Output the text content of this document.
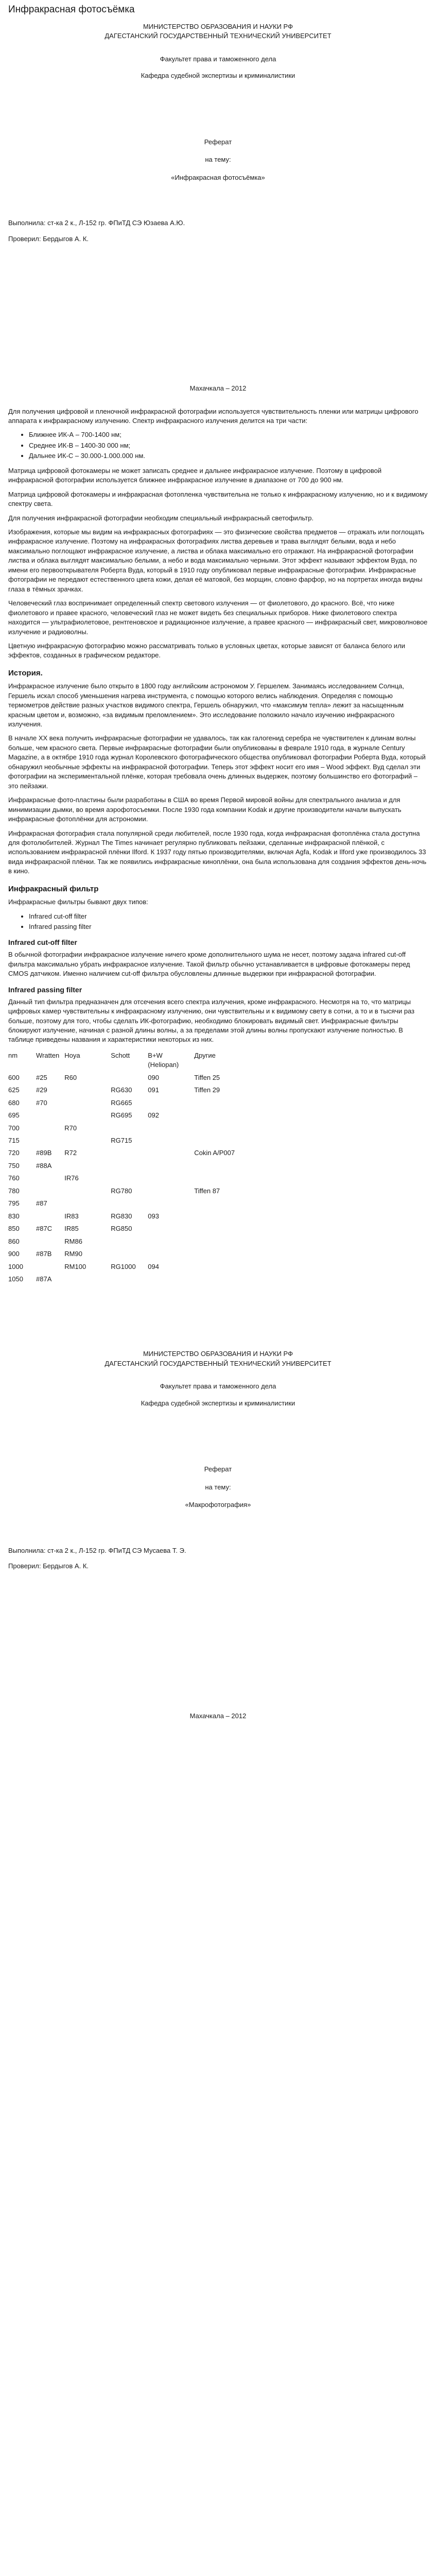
Инфракрасная фотосъёмка

МИНИСТЕРСТВО ОБРАЗОВАНИЯ И НАУКИ РФ

ДАГЕСТАНСКИЙ ГОСУДАРСТВЕННЫЙ ТЕХНИЧЕСКИЙ УНИВЕРСИТЕТ

Факультет права и таможенного дела

Кафедра судебной экспертизы и криминалистики

Реферат

на тему:

«Инфракрасная фотосъёмка»

Выполнила: ст-ка 2 к., Л-152 гр. ФПиТД СЭ Юзаева А.Ю.

Проверил: Бердыгов А. К.

Махачкала – 2012

Для получения цифровой и пленочной инфракрасной фотографии используется чувствительность пленки или матрицы цифрового аппарата к инфракрасному излучению. Спектр инфракрасного излучения делится на три части:

• Ближнее ИК-А – 700-1400 нм;
• Среднее ИК-В – 1400-30 000 нм;
• Дальнее ИК-С – 30.000-1.000.000 нм.

Матрица цифровой фотокамеры не может записать среднее и дальнее инфракрасное излучение. Поэтому в цифровой инфракрасной фотографии используется ближнее инфракрасное излучение в диапазоне от 700 до 900 нм.

Матрица цифровой фотокамеры и инфракрасная фотопленка чувствительна не только к инфракрасному излучению, но и к видимому спектру света.

Для получения инфракрасной фотографии необходим специальный инфракрасный светофильтр.

Изображения, которые мы видим на инфракрасных фотографиях — это физические свойства предметов — отражать или поглощать инфракрасное излучение. Поэтому на инфракрасных фотографиях листва деревьев и трава выглядят белыми, вода и небо максимально поглощают инфракрасное излучение, а листва и облака максимально его отражают. На инфракрасной фотографии листва и облака выглядят максимально белыми, а небо и вода максимально черными. Этот эффект называют эффектом Вуда, по имени его первооткрывателя Роберта Вуда, который в 1910 году опубликовал первые инфракрасные фотографии. Инфракрасные фотографии не передают естественного цвета кожи, делая её матовой, без морщин, словно фарфор, но на портретах иногда видны глаза в тёмных зрачках.

Человеческий глаз воспринимает определенный спектр светового излучения — от фиолетового, до красного. Всё, что ниже фиолетового и правее красного, человеческий глаз не может видеть без специальных приборов. Ниже фиолетового спектра находится — ультрафиолетовое, рентгеновское и радиационное излучение, а правее красного — инфракрасный свет, микроволновое излучение и радиоволны.

Цветную инфракрасную фотографию можно рассматривать только в условных цветах, которые зависят от баланса белого или эффектов, созданных в графическом редакторе.

История.

Инфракрасное излучение было открыто в 1800 году английским астрономом У. Гершелем. Занимаясь исследованием Солнца, Гершель искал способ уменьшения нагрева инструмента, с помощью которого велись наблюдения. Определяя с помощью термометров действие разных участков видимого спектра, Гершель обнаружил, что «максимум тепла» лежит за насыщенным красным цветом и, возможно, «за видимым преломлением». Это исследование положило начало изучению инфракрасного излучения.

В начале XX века получить инфракрасные фотографии не удавалось, так как галогенид серебра не чувствителен к длинам волны больше, чем красного света. Первые инфракрасные фотографии были опубликованы в феврале 1910 года, в журнале Century Magazine, а в октябре 1910 года журнал Королевского фотографического общества опубликовал фотографии Роберта Вуда, который обнаружил необычные эффекты на инфракрасной фотографии. Теперь этот эффект носит его имя – Wood эффект. Вуд сделал эти фотографии на экспериментальной плёнке, которая требовала очень длинных выдержек, поэтому большинство его фотографий – это пейзажи.

Инфракрасные фото-пластины были разработаны в США во время Первой мировой войны для спектрального анализа и для минимизации дымки, во время аэрофотосъемки. После 1930 года компании Kodak и другие производители начали выпускать инфракрасные фотоплёнки для астрономии.

Инфракрасная фотография стала популярной среди любителей, после 1930 года, когда инфракрасная фотоплёнка стала доступна для фотолюбителей. Журнал The Times начинает регулярно публиковать пейзажи, сделанные инфракрасной плёнкой, с использованием инфракрасной плёнки Ilford. К 1937 году пятью производителями, включая Agfa, Kodak и Ilford уже производилось 33 вида инфракрасной плёнки. Так же появились инфракрасные киноплёнки, она была использована для создания эффектов день-ночь в кино.

Инфракрасный фильтр

Инфракрасные фильтры бывают двух типов:

• Infrared cut-off filter
• Infrared passing filter
Infrared cut-off filter

В обычной фотографии инфракрасное излучение ничего кроме дополнительного шума не несет, поэтому задача infrared cut-off фильтра максимально убрать инфракрасное излучение. Такой фильтр обычно устанавливается в цифровые фотокамеры перед CMOS датчиком. Именно наличием cut-off фильтра обусловлены длинные выдержки при инфракрасной фотографии.

Infrared passing filter

Данный тип фильтра предназначен для отсечения всего спектра излучения, кроме инфракрасного. Несмотря на то, что матрицы цифровых камер чувствительны к инфракрасному излучению, они чувствительны и к видимому свету в сотни, а то и в тысячи раз больше, поэтому для того, чтобы сделать ИК-фотографию, необходимо блокировать видимый свет. Инфракрасные фильтры блокируют излучение, начиная с разной длины волны, а за пределами этой длины волны пропускают излучение полностью. В таблице приведены названия и характеристики некоторых из них.

nm	Wratten	Hoya	Schott	B+W
(Heliopan)	Другие
600	#25	R60		090	Tiffen 25
625	#29		RG630	091	Tiffen 29
680	#70		RG665		
695			RG695	092	
700		R70			
715			RG715		
720	#89B	R72			Cokin A/P007
750	#88A				
760		IR76			
780			RG780		Tiffen 87
795	#87				
830		IR83	RG830	093	
850	#87C	IR85	RG850		
860		RM86			
900	#87B	RM90			
1000		RM100	RG1000	094	
1050	#87A				

МИНИСТЕРСТВО ОБРАЗОВАНИЯ И НАУКИ РФ

ДАГЕСТАНСКИЙ ГОСУДАРСТВЕННЫЙ ТЕХНИЧЕСКИЙ УНИВЕРСИТЕТ

Факультет права и таможенного дела

Кафедра судебной экспертизы и криминалистики

Реферат

на тему:

«Макрофотография»

Выполнила: ст-ка 2 к., Л-152 гр. ФПиТД СЭ Мусаева Т. Э.

Проверил: Бердыгов А. К.

Махачкала – 2012
